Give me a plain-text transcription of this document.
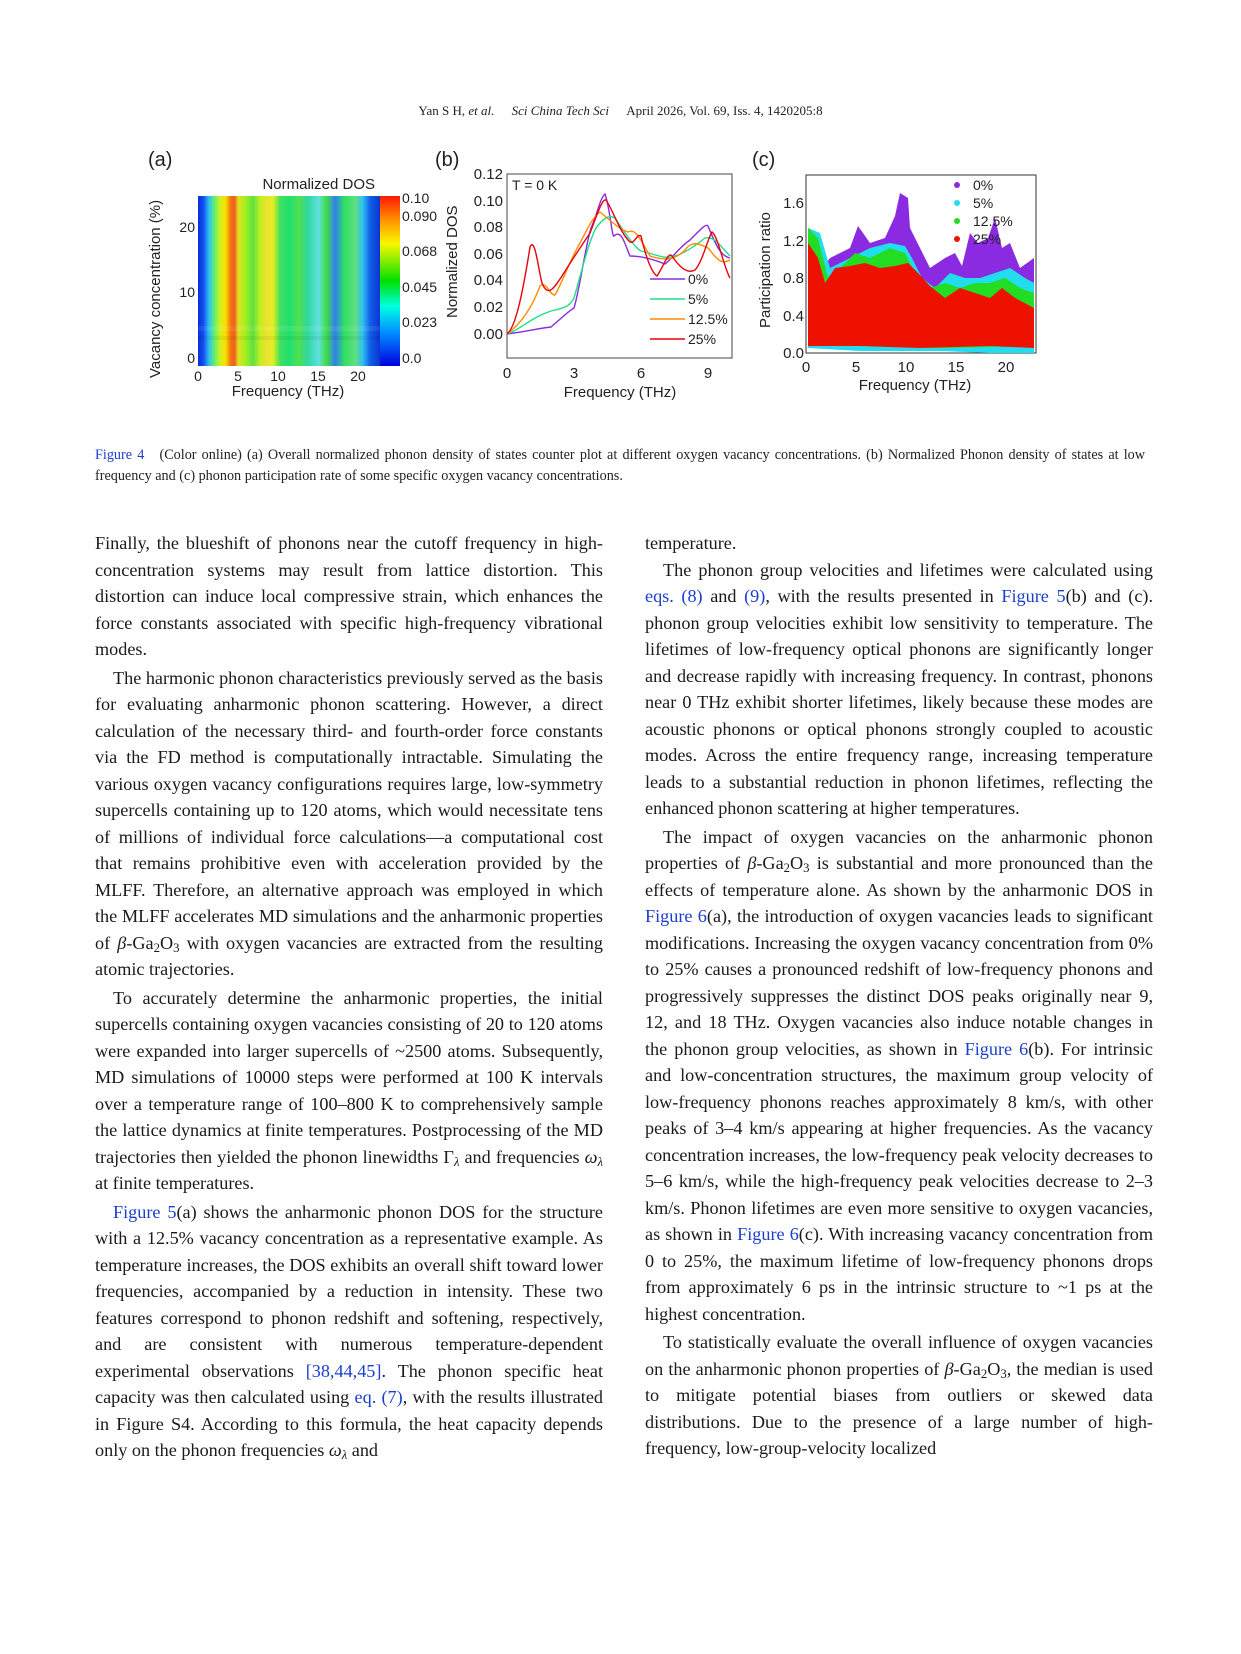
Yan S H, et al. Sci China Tech Sci April 2026, Vol. 69, Iss. 4, 1420205:8
(a)
Normalized DOS
0.10
0.090
0.068
0.045
0.023
0.0
0
10
20
0 5 10 15 20
Frequency (THz)
Vacancy concentration (%)
(b)
0.12
0.10
0.08
0.06
0.04
0.02
0.00
0	3	6	9
Frequency (THz)
Normalized DOS
T = 0 K
0%
5%
12.5%
25%
(c)
0.0
0.4
0.8
1.2
1.6
0	5 10 15 20
Frequency (THz)
Participation ratio
0%
5%
12.5%
25%
Figure 4 (Color online) (a) Overall normalized phonon density of states counter plot at different oxygen vacancy concentrations. (b) Normalized Phonon density of states at low frequency and (c) phonon participation rate of some specific oxygen vacancy concentrations.

Finally, the blueshift of phonons near the cutoff frequency in high-concentration systems may result from lattice distortion. This distortion can induce local compressive strain, which enhances the force constants associated with specific high-frequency vibrational modes.

The harmonic phonon characteristics previously served as the basis for evaluating anharmonic phonon scattering. However, a direct calculation of the necessary third- and fourth-order force constants via the FD method is computationally intractable. Simulating the various oxygen vacancy configurations requires large, low-symmetry supercells containing up to 120 atoms, which would necessitate tens of millions of individual force calculations—a computational cost that remains prohibitive even with acceleration provided by the MLFF. Therefore, an alternative approach was employed in which the MLFF accelerates MD simulations and the anharmonic properties of $\beta-Ga_2O_3$ with oxygen vacancies are extracted from the resulting atomic trajectories.

To accurately determine the anharmonic properties, the initial supercells containing oxygen vacancies consisting of 20 to 120 atoms were expanded into larger supercells of ~2500 atoms. Subsequently, MD simulations of 10000 steps were performed at 100 K intervals over a temperature range of 100–800 K to comprehensively sample the lattice dynamics at finite temperatures. Postprocessing of the MD trajectories then yielded the phonon linewidths $\Gamma_\lambda$ and frequencies $\omega_\lambda$ at finite temperatures.

Figure 5(a) shows the anharmonic phonon DOS for the structure with a 12.5% vacancy concentration as a representative example. As temperature increases, the DOS exhibits an overall shift toward lower frequencies, accompanied by a reduction in intensity. These two features correspond to phonon redshift and softening, respectively, and are consistent with numerous temperature-dependent experimental observations [38,44,45]. The phonon specific heat capacity was then calculated using eq. (7), with the results illustrated in Figure S4. According to this formula, the heat capacity depends only on the phonon frequencies $\omega_\lambda$ and

temperature.

The phonon group velocities and lifetimes were calculated using eqs. (8) and (9), with the results presented in Figure 5(b) and (c). phonon group velocities exhibit low sensitivity to temperature. The lifetimes of low-frequency optical phonons are significantly longer and decrease rapidly with increasing frequency. In contrast, phonons near 0 THz exhibit shorter lifetimes, likely because these modes are acoustic phonons or optical phonons strongly coupled to acoustic modes. Across the entire frequency range, increasing temperature leads to a substantial reduction in phonon lifetimes, reflecting the enhanced phonon scattering at higher temperatures.

The impact of oxygen vacancies on the anharmonic phonon properties of $\beta-Ga_2O_3$ is substantial and more pronounced than the effects of temperature alone. As shown by the anharmonic DOS in Figure 6(a), the introduction of oxygen vacancies leads to significant modifications. Increasing the oxygen vacancy concentration from 0% to 25% causes a pronounced redshift of low-frequency phonons and progressively suppresses the distinct DOS peaks originally near 9, 12, and 18 THz. Oxygen vacancies also induce notable changes in the phonon group velocities, as shown in Figure 6(b). For intrinsic and low-concentration structures, the maximum group velocity of low-frequency phonons reaches approximately 8 km/s, with other peaks of 3–4 km/s appearing at higher frequencies. As the vacancy concentration increases, the low-frequency peak velocity decreases to 5–6 km/s, while the high-frequency peak velocities decrease to 2–3 km/s. Phonon lifetimes are even more sensitive to oxygen vacancies, as shown in Figure 6(c). With increasing vacancy concentration from 0 to 25%, the maximum lifetime of low-frequency phonons drops from approximately 6 ps in the intrinsic structure to ~1 ps at the highest concentration.

To statistically evaluate the overall influence of oxygen vacancies on the anharmonic phonon properties of $\beta-Ga_2O_3$, the median is used to mitigate potential biases from outliers or skewed data distributions. Due to the presence of a large number of high-frequency, low-group-velocity localized
